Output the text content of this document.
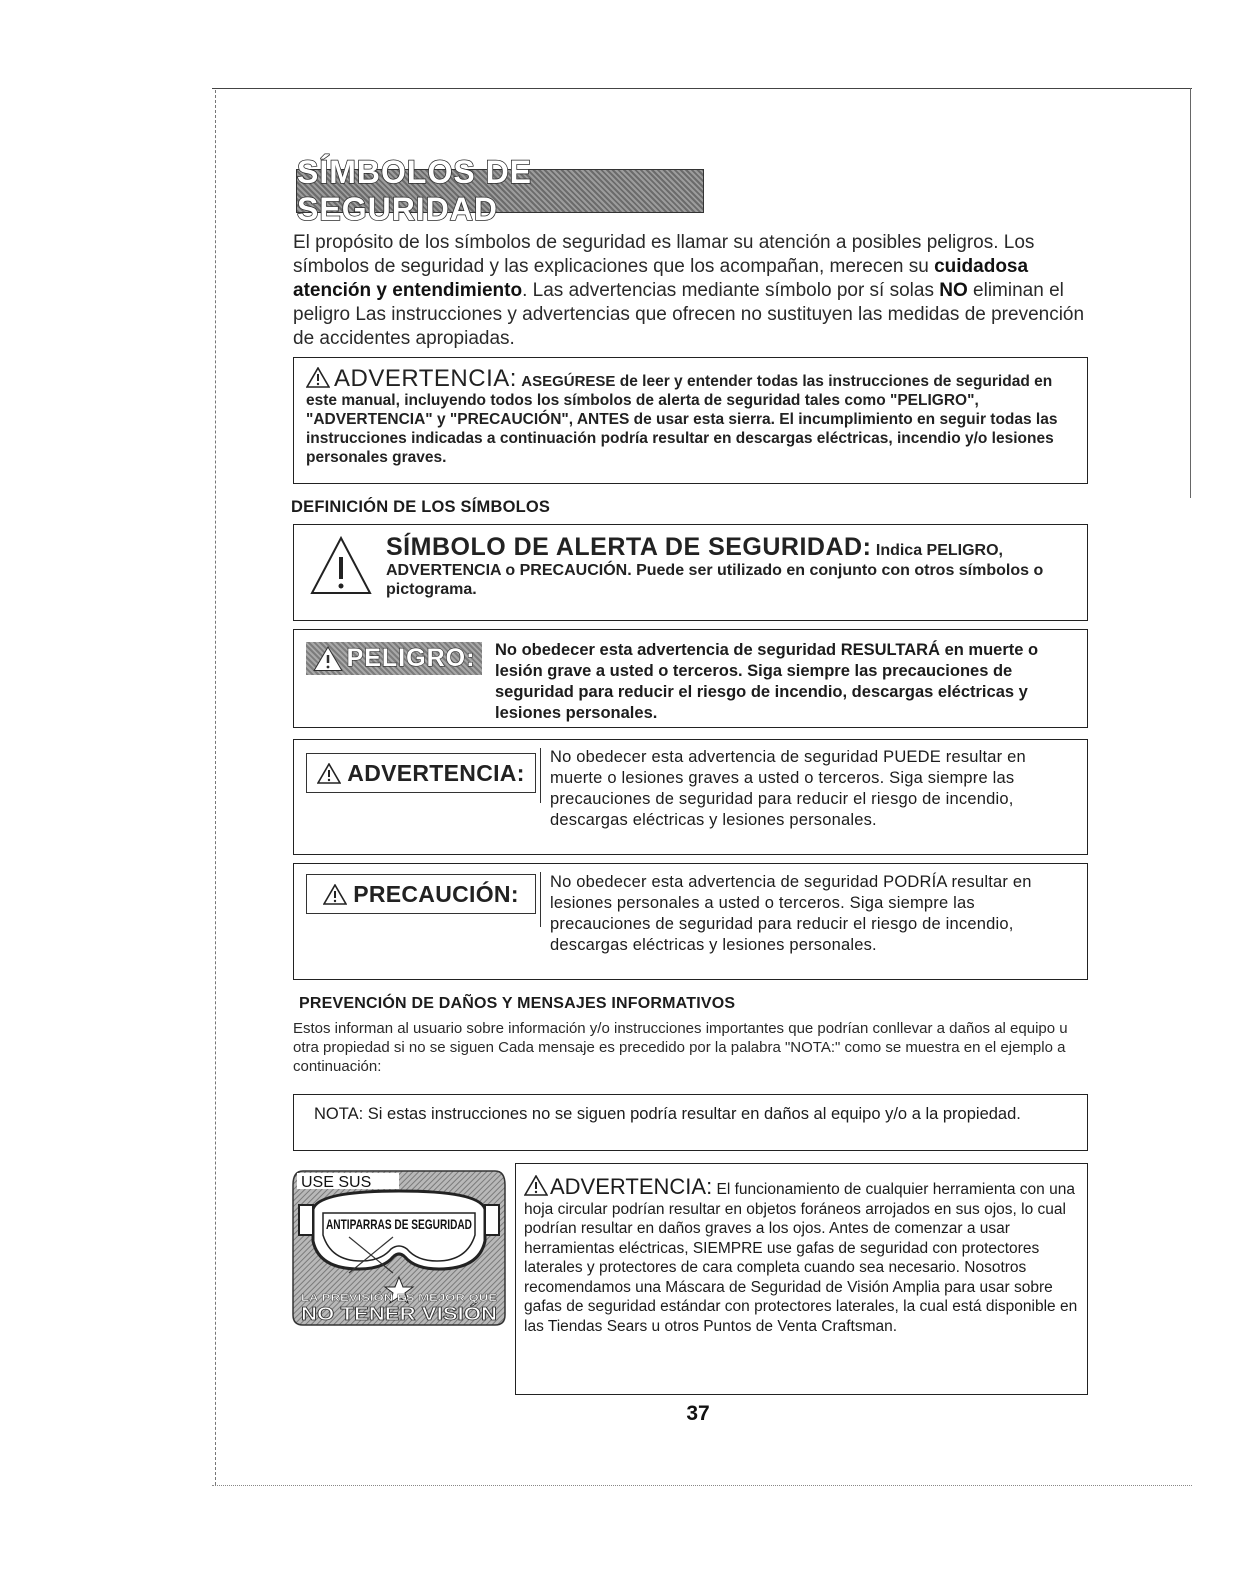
SÍMBOLOS DE SEGURIDAD
El propósito de los símbolos de seguridad es llamar su atención a posibles peligros. Los símbolos de seguridad y las explicaciones que los acompañan, merecen su cuidadosa atención y entendimiento. Las advertencias mediante símbolo por sí solas NO eliminan el peligro Las instrucciones y advertencias que ofrecen no sustituyen las medidas de prevención de accidentes apropiadas.
ADVERTENCIA: ASEGÚRESE de leer y entender todas las instrucciones de seguridad en este manual, incluyendo todos los símbolos de alerta de seguridad tales como "PELIGRO", "ADVERTENCIA" y "PRECAUCIÓN", ANTES de usar esta sierra. El incumplimiento en seguir todas las instrucciones indicadas a continuación podría resultar en descargas eléctricas, incendio y/o lesiones personales graves.
DEFINICIÓN DE LOS SÍMBOLOS
SÍMBOLO DE ALERTA DE SEGURIDAD: Indica PELIGRO,
ADVERTENCIA o PRECAUCIÓN. Puede ser utilizado en conjunto con otros símbolos o pictograma.
PELIGRO: No obedecer esta advertencia de seguridad RESULTARÁ en muerte o lesión grave a usted o terceros. Siga siempre las precauciones de seguridad para reducir el riesgo de incendio, descargas eléctricas y lesiones personales.
ADVERTENCIA:
No obedecer esta advertencia de seguridad PUEDE resultar en muerte o lesiones graves a usted o terceros. Siga siempre las precauciones de seguridad para reducir el riesgo de incendio, descargas eléctricas y lesiones personales.
PRECAUCIÓN: No obedecer esta advertencia de seguridad PODRÍA resultar en lesiones personales a usted o terceros. Siga siempre las precauciones de seguridad para reducir el riesgo de incendio, descargas eléctricas y lesiones personales.
PREVENCIÓN DE DAÑOS Y MENSAJES INFORMATIVOS
Estos informan al usuario sobre información y/o instrucciones importantes que podrían conllevar a daños al equipo u otra propiedad si no se siguen Cada mensaje es precedido por la palabra "NOTA:" como se muestra en el ejemplo a continuación:
NOTA: Si estas instrucciones no se siguen podría resultar en daños al equipo y/o a la propiedad.
USE SUS
ANTIPARRAS DE SEGURIDAD
LA PREVISIÓN ES MEJOR QUE
NO TENER VISIÓN
ADVERTENCIA: El funcionamiento de cualquier herramienta con una hoja circular podrían resultar en objetos foráneos arrojados en sus ojos, lo cual podrían resultar en daños graves a los ojos. Antes de comenzar a usar herramientas eléctricas, SIEMPRE use gafas de seguridad con protectores laterales y protectores de cara completa cuando sea necesario. Nosotros recomendamos una Máscara de Seguridad de Visión Amplia para usar sobre gafas de seguridad estándar con protectores laterales, la cual está disponible en las Tiendas Sears u otros Puntos de Venta Craftsman.
37
